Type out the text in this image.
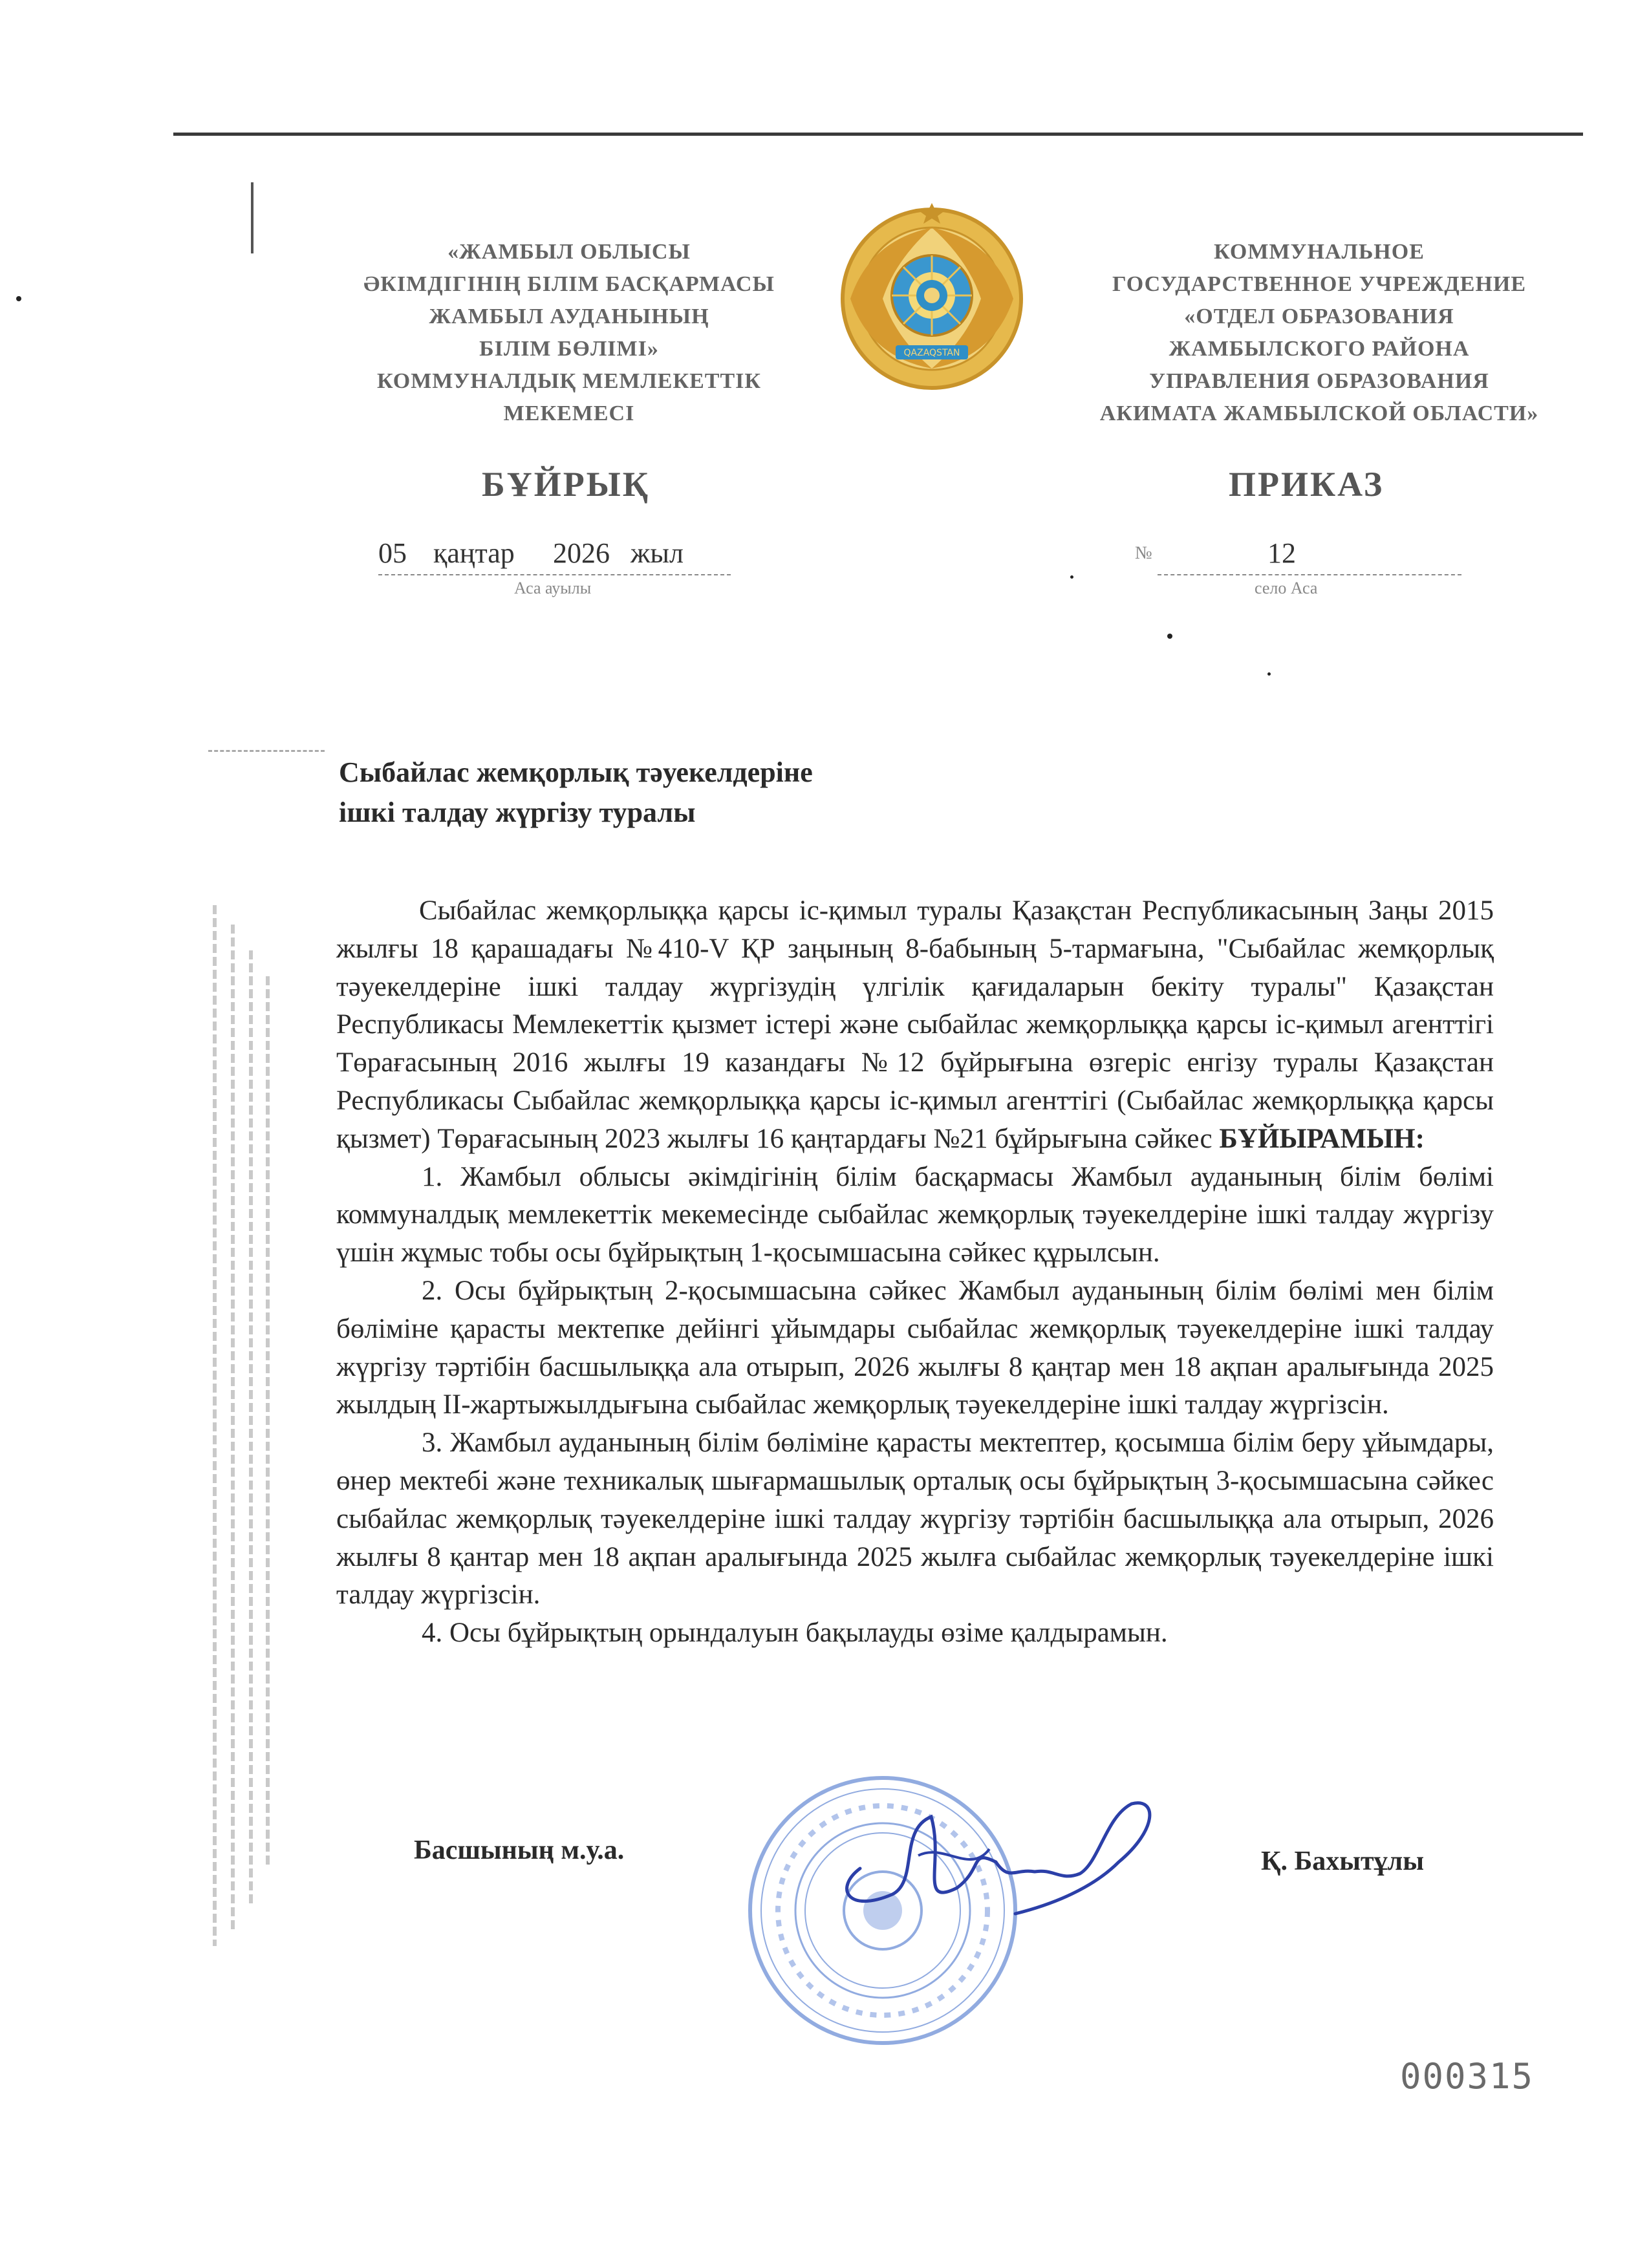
«ЖАМБЫЛ ОБЛЫСЫ
ӘКІМДІГІНІҢ БІЛІМ БАСҚАРМАСЫ
ЖАМБЫЛ АУДАНЫНЫҢ
БІЛІМ БӨЛІМІ»
КОММУНАЛДЫҚ МЕМЛЕКЕТТІК
МЕКЕМЕСІ
QAZAQSTAN
КОММУНАЛЬНОЕ
ГОСУДАРСТВЕННОЕ УЧРЕЖДЕНИЕ
«ОТДЕЛ ОБРАЗОВАНИЯ
ЖАМБЫЛСКОГО РАЙОНА
УПРАВЛЕНИЯ ОБРАЗОВАНИЯ
АКИМАТА ЖАМБЫЛСКОЙ ОБЛАСТИ»
БҰЙРЫҚ	ПРИКАЗ
05 қаңтар 2026 жыл
Аса ауылы
№	12
село Аса
Сыбайлас жемқорлық тәуекелдеріне
ішкі талдау жүргізу туралы

Сыбайлас жемқорлыққа қарсы іс-қимыл туралы Қазақстан Республикасының Заңы 2015 жылғы 18 қарашадағы №410-V ҚР заңының 8-бабының 5-тармағына, "Сыбайлас жемқорлық тәуекелдеріне ішкі талдау жүргізудің үлгілік қағидаларын бекіту туралы" Қазақстан Республикасы Мемлекеттік қызмет істері және сыбайлас жемқорлыққа қарсы іс-қимыл агенттігі Төрағасының 2016 жылғы 19 казандағы №12 бұйрығына өзгеріс енгізу туралы Қазақстан Республикасы Сыбайлас жемқорлыққа қарсы іс-қимыл агенттігі (Сыбайлас жемқорлыққа қарсы қызмет) Төрағасының 2023 жылғы 16 қаңтардағы №21 бұйрығына сәйкес БҰЙЫРАМЫН:

1. Жамбыл облысы әкімдігінің білім басқармасы Жамбыл ауданының білім бөлімі коммуналдық мемлекеттік мекемесінде сыбайлас жемқорлық тәуекелдеріне ішкі талдау жүргізу үшін жұмыс тобы осы бұйрықтың 1-қосымшасына сәйкес құрылсын.

2. Осы бұйрықтың 2-қосымшасына сәйкес Жамбыл ауданының білім бөлімі мен білім бөліміне қарасты мектепке дейінгі ұйымдары сыбайлас жемқорлық тәуекелдеріне ішкі талдау жүргізу тәртібін басшылыққа ала отырып, 2026 жылғы 8 қаңтар мен 18 ақпан аралығында 2025 жылдың ІІ-жартыжылдығына сыбайлас жемқорлық тәуекелдеріне ішкі талдау жүргізсін.

3. Жамбыл ауданының білім бөліміне қарасты мектептер, қосымша білім беру ұйымдары, өнер мектебі және техникалық шығармашылық орталық осы бұйрықтың 3-қосымшасына сәйкес сыбайлас жемқорлық тәуекелдеріне ішкі талдау жүргізу тәртібін басшылыққа ала отырып, 2026 жылғы 8 қантар мен 18 ақпан аралығында 2025 жылға сыбайлас жемқорлық тәуекелдеріне ішкі талдау жүргізсін.

4. Осы бұйрықтың орындалуын бақылауды өзіме қалдырамын.

Басшының м.у.а.	Қ. Бахытұлы
000315
